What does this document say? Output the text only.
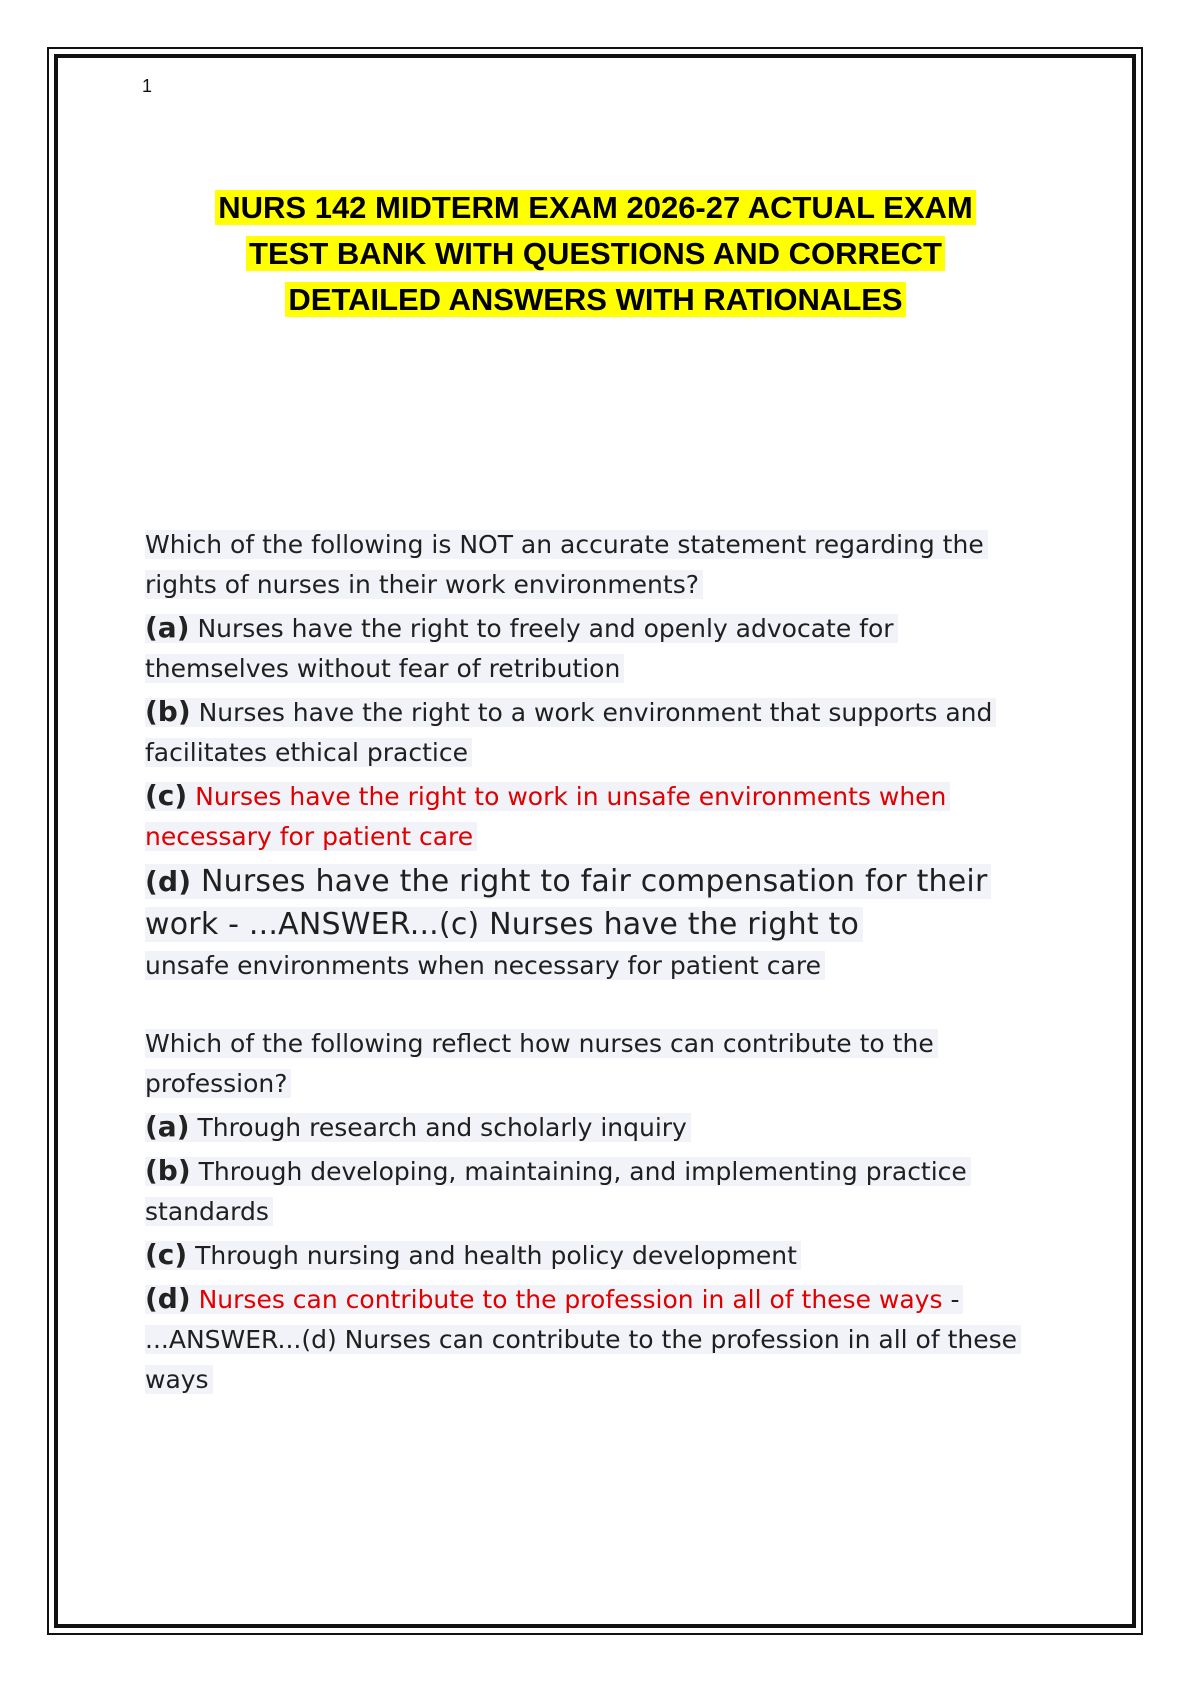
1
NURS 142 MIDTERM EXAM 2026-27 ACTUAL EXAM
TEST BANK WITH QUESTIONS AND CORRECT
DETAILED ANSWERS WITH RATIONALES
Which of the following is NOT an accurate statement regarding the rights of nurses in their work environments?
(a) Nurses have the right to freely and openly advocate for themselves without fear of retribution
(b) Nurses have the right to a work environment that supports and facilitates ethical practice
(c) Nurses have the right to work in unsafe environments when necessary for patient care
(d) Nurses have the right to fair compensation for their work - ...ANSWER...(c) Nurses have the right to
unsafe environments when necessary for patient care
Which of the following reflect how nurses can contribute to the profession?
(a) Through research and scholarly inquiry
(b) Through developing, maintaining, and implementing practice standards
(c) Through nursing and health policy development
(d) Nurses can contribute to the profession in all of these ways -
...ANSWER...(d) Nurses can contribute to the profession in all of these ways
